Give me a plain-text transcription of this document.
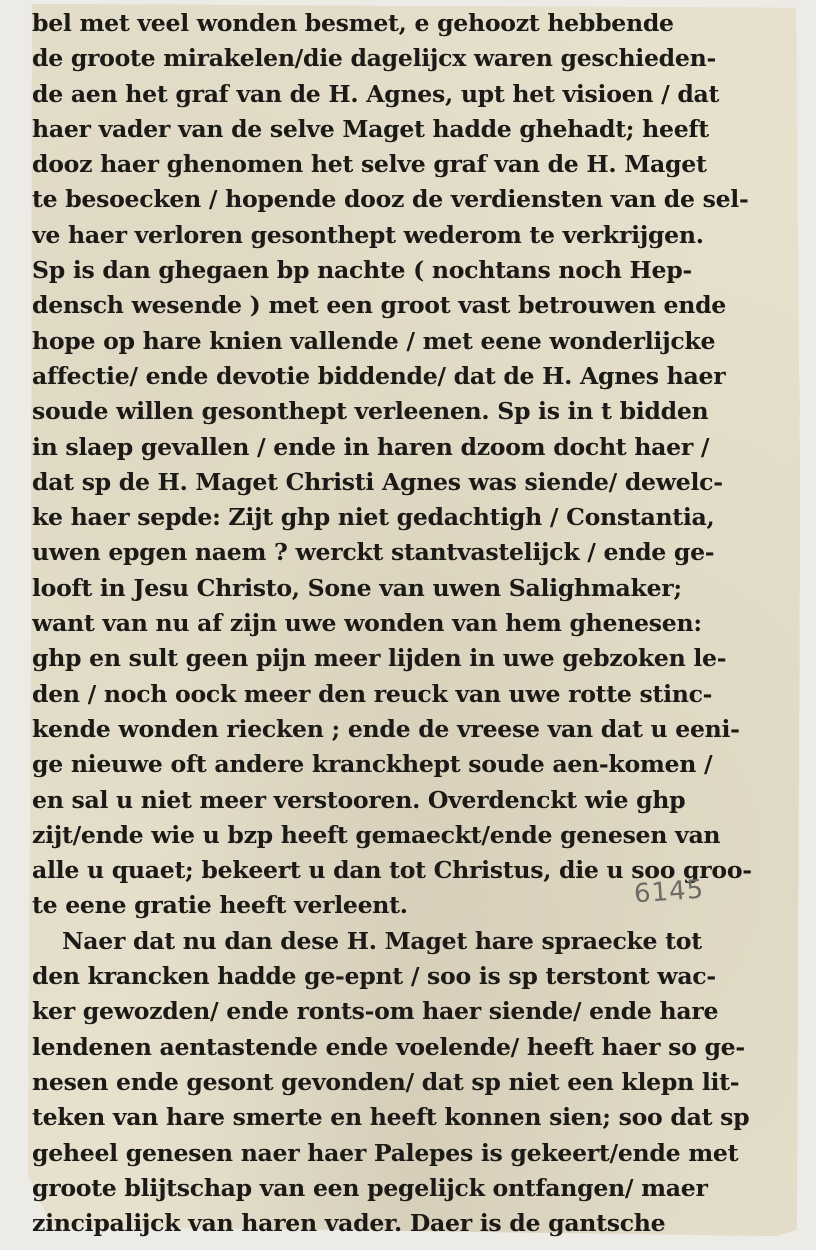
bel met veel wonden besmet, e gehoozt hebbende
de groote mirakelen/die dagelijcx waren geschieden-
de aen het graf van de H. Agnes, upt het visioen / dat
haer vader van de selve Maget hadde ghehadt; heeft
dooz haer ghenomen het selve graf van de H. Maget
te besoecken / hopende dooz de verdiensten van de sel-
ve haer verloren gesonthept wederom te verkrijgen.
Sp is dan ghegaen bp nachte ( nochtans noch Hep-
densch wesende ) met een groot vast betrouwen ende
hope op hare knien vallende / met eene wonderlijcke
affectie/ ende devotie biddende/ dat de H. Agnes haer
soude willen gesonthept verleenen. Sp is in t bidden
in slaep gevallen / ende in haren dzoom docht haer /
dat sp de H. Maget Christi Agnes was siende/ dewelc-
ke haer sepde: Zijt ghp niet gedachtigh / Constantia,
uwen epgen naem ? werckt stantvastelijck / ende ge-
looft in Jesu Christo, Sone van uwen Salighmaker;
want van nu af zijn uwe wonden van hem ghenesen:
ghp en sult geen pijn meer lijden in uwe gebzoken le-
den / noch oock meer den reuck van uwe rotte stinc-
kende wonden riecken ; ende de vreese van dat u eeni-
ge nieuwe oft andere kranckhept soude aen-komen /
en sal u niet meer verstooren. Overdenckt wie ghp
zijt/ende wie u bzp heeft gemaeckt/ende genesen van
alle u quaet; bekeert u dan tot Christus, die u soo groo-
te eene gratie heeft verleent.
Naer dat nu dan dese H. Maget hare spraecke tot
den krancken hadde ge-epnt / soo is sp terstont wac-
ker gewozden/ ende ronts-om haer siende/ ende hare
lendenen aentastende ende voelende/ heeft haer so ge-
nesen ende gesont gevonden/ dat sp niet een klepn lit-
teken van hare smerte en heeft konnen sien; soo dat sp
geheel genesen naer haer Palepes is gekeert/ende met
groote blijtschap van een pegelijck ontfangen/ maer
zincipalijck van haren vader. Daer is de gantsche
6145
